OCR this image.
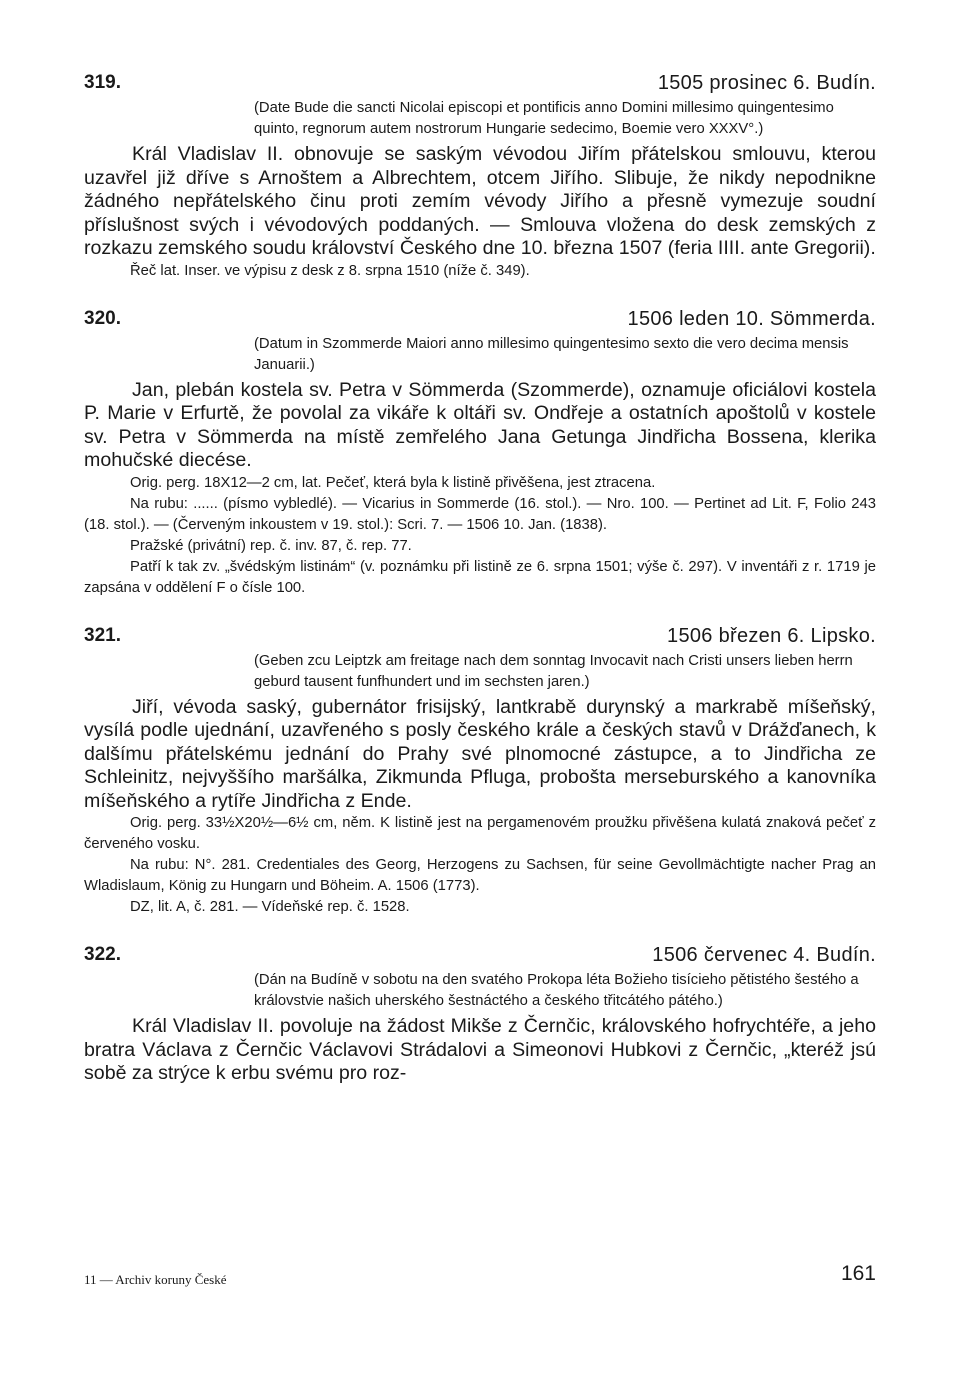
319.	1505 prosinec 6. Budín.
(Date Bude die sancti Nicolai episcopi et pontificis anno Domini millesimo quingentesimo quinto, regnorum autem nostrorum Hungarie sedecimo, Boemie vero XXXV°.)
Král Vladislav II. obnovuje se saským vévodou Jiřím přátelskou smlouvu, kterou uzavřel již dříve s Arnoštem a Albrechtem, otcem Jiřího. Slibuje, že nikdy nepodnikne žádného nepřátelského činu proti zemím vévody Jiřího a přesně vymezuje soudní příslušnost svých i vévodových poddaných. — Smlouva vložena do desk zemských z rozkazu zemského soudu království Českého dne 10. března 1507 (feria IIII. ante Gregorii).
Řeč lat. Inser. ve výpisu z desk z 8. srpna 1510 (níže č. 349).
320.	1506 leden 10. Sömmerda.
(Datum in Szommerde Maiori anno millesimo quingentesimo sexto die vero decima mensis Januarii.)
Jan, plebán kostela sv. Petra v Sömmerda (Szommerde), oznamuje oficiálovi kostela P. Marie v Erfurtě, že povolal za vikáře k oltáři sv. Ondřeje a ostatních apoštolů v kostele sv. Petra v Sömmerda na místě zemřelého Jana Getunga Jindřicha Bossena, klerika mohučské diecése.
Orig. perg. 18X12—2 cm, lat. Pečeť, která byla k listině přivěšena, jest ztracena.
Na rubu: ...... (písmo vybledlé). — Vicarius in Sommerde (16. stol.). — Nro. 100. — Pertinet ad Lit. F, Folio 243 (18. stol.). — (Červeným inkoustem v 19. stol.): Scri. 7. — 1506 10. Jan. (1838).
Pražské (privátní) rep. č. inv. 87, č. rep. 77.
Patří k tak zv. „švédským listinám“ (v. poznámku při listině ze 6. srpna 1501; výše č. 297). V inventáři z r. 1719 je zapsána v oddělení F o čísle 100.
321.	1506 březen 6. Lipsko.
(Geben zcu Leiptzk am freitage nach dem sonntag Invocavit nach Cristi unsers lieben herrn geburd tausent funfhundert und im sechsten jaren.)
Jiří, vévoda saský, gubernátor frisijský, lantkrabě durynský a markrabě míšeňský, vysílá podle ujednání, uzavřeného s posly českého krále a českých stavů v Drážďanech, k dalšímu přátelskému jednání do Prahy své plnomocné zástupce, a to Jindřicha ze Schleinitz, nejvyššího maršálka, Zikmunda Pfluga, probošta merseburského a kanovníka míšeňského a rytíře Jindřicha z Ende.
Orig. perg. 33½X20½—6½ cm, něm. K listině jest na pergamenovém proužku přivěšena kulatá znaková pečeť z červeného vosku.
Na rubu: N°. 281. Credentiales des Georg, Herzogens zu Sachsen, für seine Gevollmächtigte nacher Prag an Wladislaum, König zu Hungarn und Böheim. A. 1506 (1773).
DZ, lit. A, č. 281. — Vídeňské rep. č. 1528.
322.	1506 červenec 4. Budín.
(Dán na Budíně v sobotu na den svatého Prokopa léta Božieho tisícieho pětistého šestého a královstvie našich uherského šestnáctého a českého třitcátého pátého.)
Král Vladislav II. povoluje na žádost Mikše z Černčic, královského hofrychtéře, a jeho bratra Václava z Černčic Václavovi Strádalovi a Simeonovi Hubkovi z Černčic, „kteréž jsú sobě za strýce k erbu svému pro roz-
11 — Archiv koruny České	161
